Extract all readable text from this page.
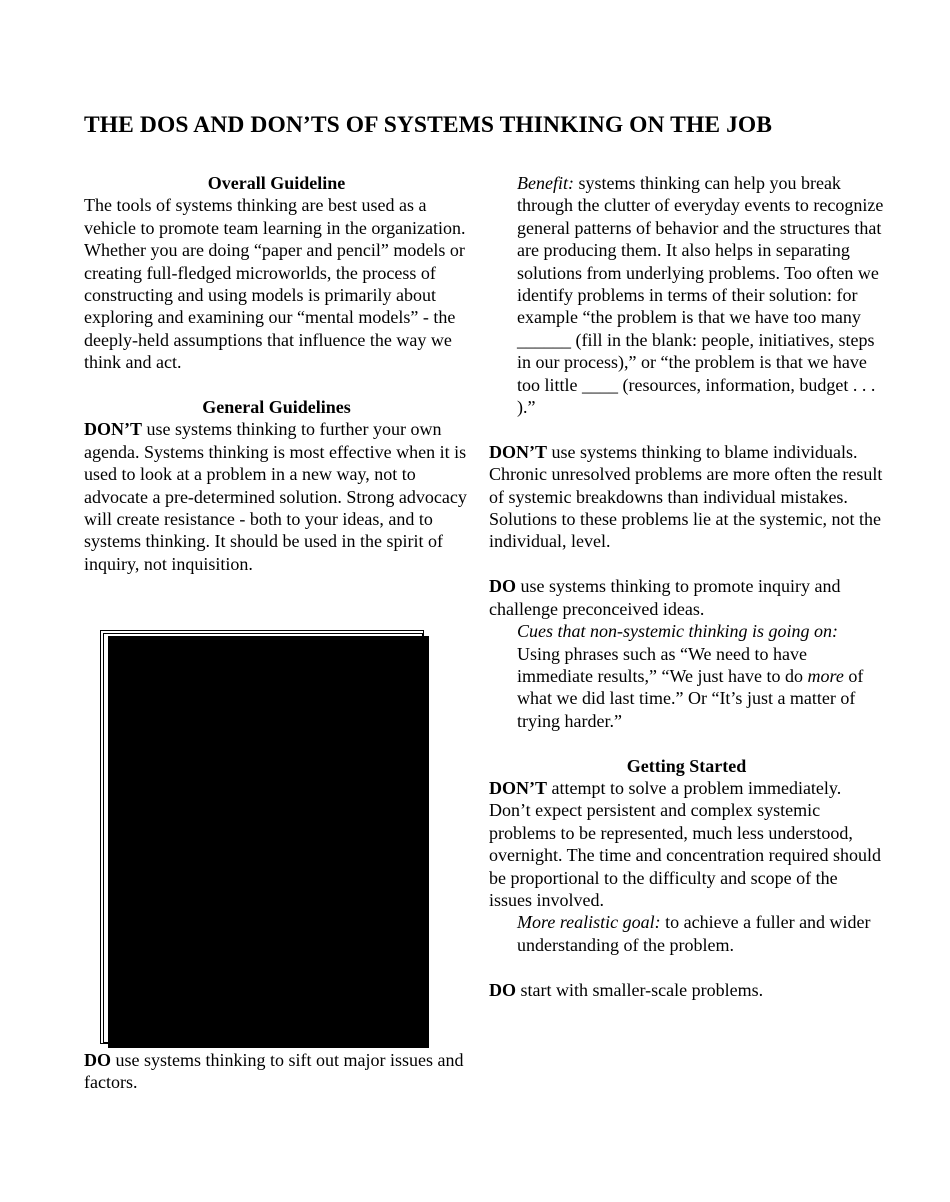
THE DOS AND DON’TS OF SYSTEMS THINKING ON THE JOB

Overall Guideline

The tools of systems thinking are best used as a vehicle to promote team learning in the organization. Whether you are doing “paper and pencil” models or creating full-fledged microworlds, the process of constructing and using models is primarily about exploring and examining our “mental models” - the deeply-held assumptions that influence the way we think and act.

General Guidelines

DON’T use systems thinking to further your own agenda. Systems thinking is most effective when it is used to look at a problem in a new way, not to advocate a pre-determined solution. Strong advocacy will create resistance - both to your ideas, and to systems thinking. It should be used in the spirit of inquiry, not inquisition.

DO use systems thinking to sift out major issues and factors.

Benefit: systems thinking can help you break through the clutter of everyday events to recognize general patterns of behavior and the structures that are producing them. It also helps in separating solutions from underlying problems. Too often we identify problems in terms of their solution: for example “the problem is that we have too many ______ (fill in the blank: people, initiatives, steps in our process),” or “the problem is that we have too little ____ (resources, information, budget . . . ).”

DON’T use systems thinking to blame individuals. Chronic unresolved problems are more often the result of systemic breakdowns than individual mistakes. Solutions to these problems lie at the systemic, not the individual, level.

DO use systems thinking to promote inquiry and challenge preconceived ideas.

Cues that non-systemic thinking is going on:

Using phrases such as “We need to have immediate results,” “We just have to do more of what we did last time.” Or “It’s just a matter of trying harder.”

Getting Started

DON’T attempt to solve a problem immediately. Don’t expect persistent and complex systemic problems to be represented, much less understood, overnight. The time and concentration required should be proportional to the difficulty and scope of the issues involved.

More realistic goal: to achieve a fuller and wider understanding of the problem.

DO start with smaller-scale problems.
